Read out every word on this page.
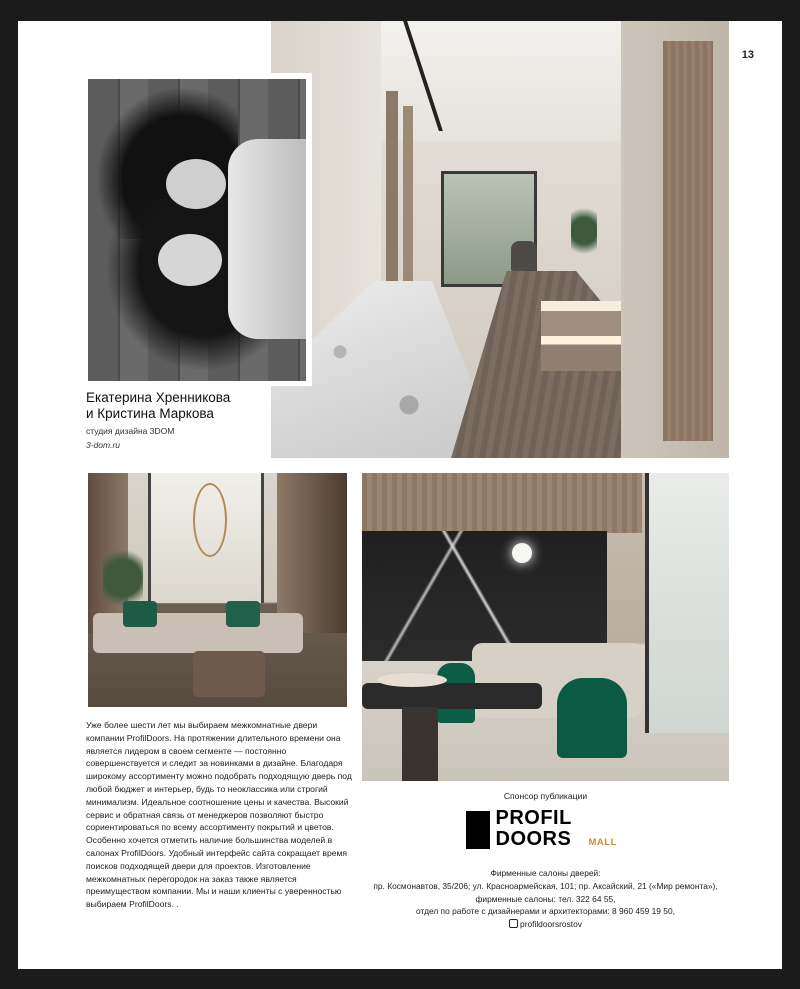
13

Екатерина Хренникова

и Кристина Маркова

студия дизайна 3DOM
3-dom.ru

Уже более шести лет мы выбираем межкомнатные двери компании ProfilDoors. На протяжении длительного времени она является лидером в своем сегменте — постоянно совершенствуется и следит за новинками в дизайне. Благодаря широкому ассортименту можно подобрать подходящую дверь под любой бюджет и интерьер, будь то неоклассика или строгий минимализм. Идеальное соотношение цены и качества. Высокий сервис и обратная связь от менеджеров позволяют быстро сориентироваться по всему ассортименту покрытий и цветов. Особенно хочется отметить наличие большинства моделей в салонах ProfilDoors. Удобный интерфейс сайта сокращает время поисков подходящей двери для проектов. Изготовление межкомнатных перегородок на заказ также является преимуществом компании. Мы и наши клиенты с уверенностью выбираем ProfilDoors. .

Спонсор публикации
PROFIL
DOORS MALL
Фирменные салоны дверей:
пр. Космонавтов, 35/206; ул. Красноармейская, 101; пр. Аксайский, 21 («Мир ремонта»),
фирменные салоны: тел. 322 64 55,
отдел по работе с дизайнерами и архитекторами: 8 960 459 19 50,
profildoorsrostov
